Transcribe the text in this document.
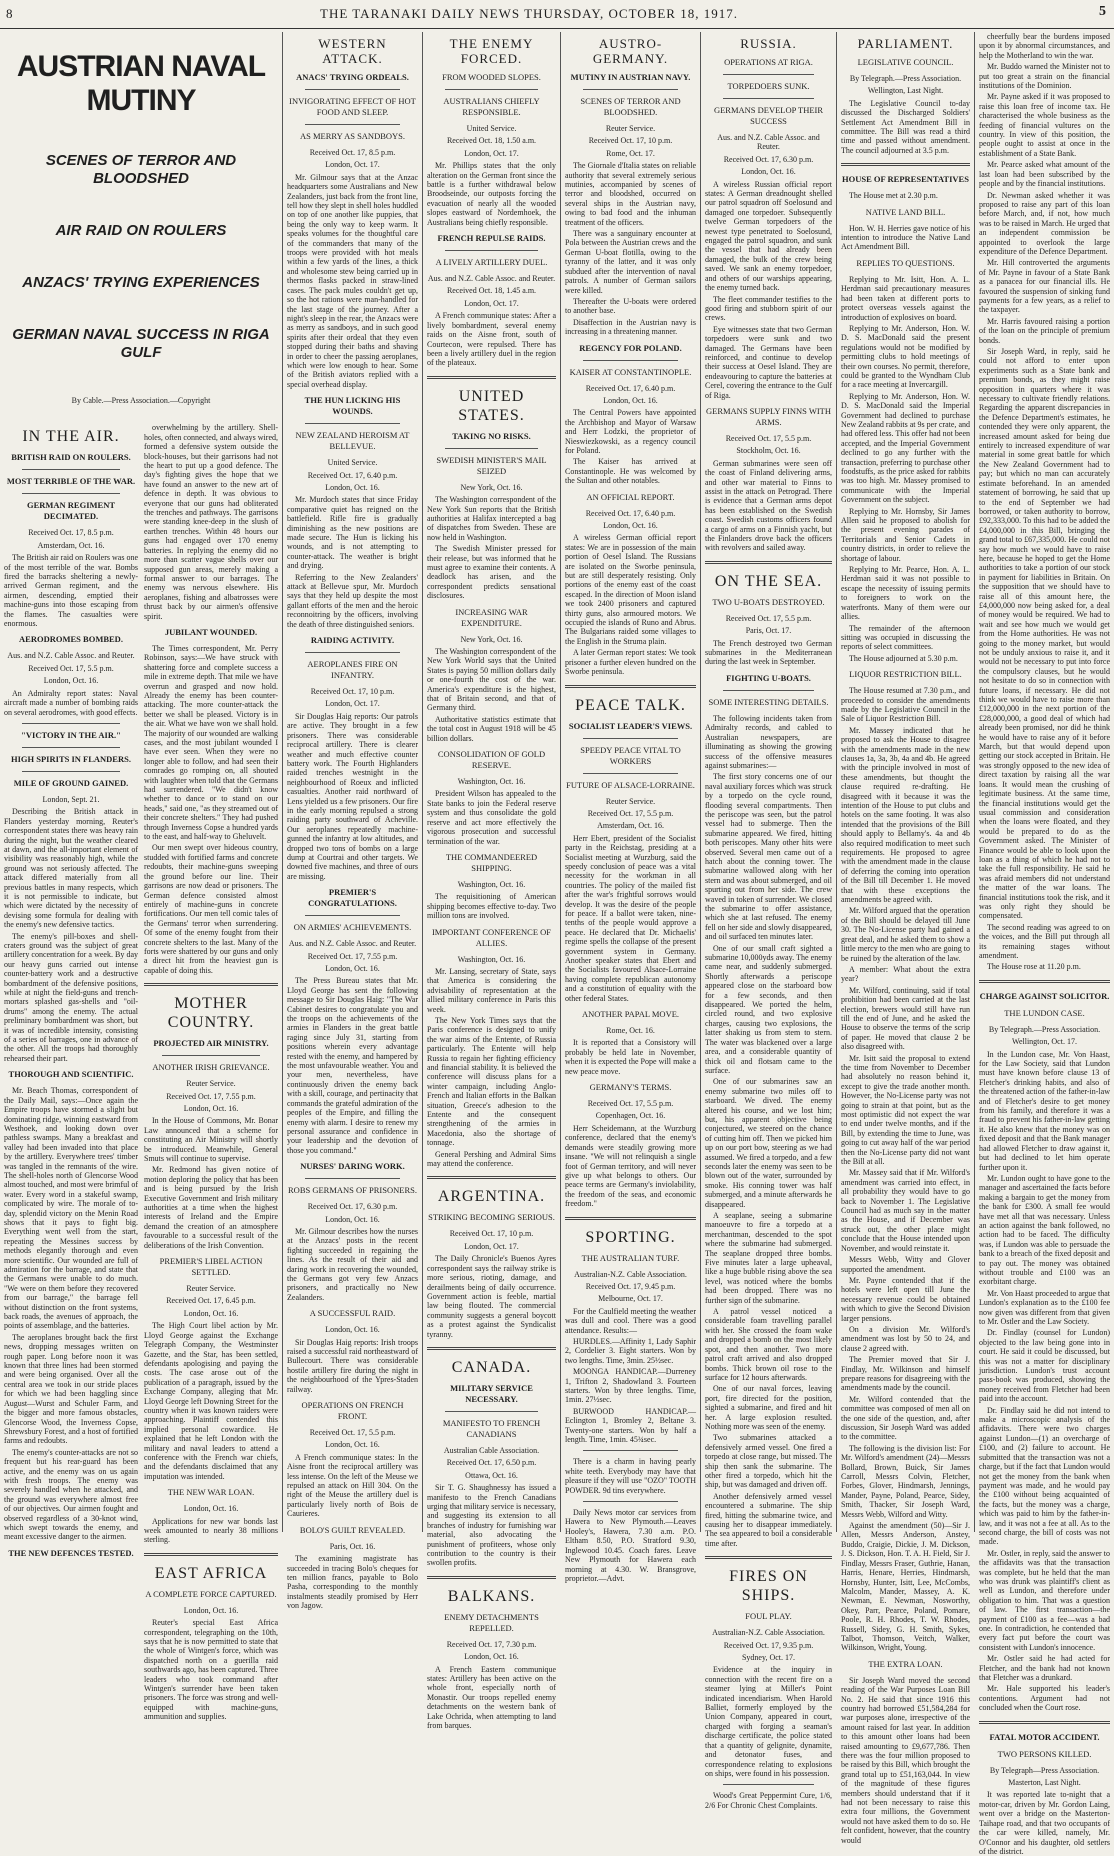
8	THE TARANAKI DAILY NEWS THURSDAY, OCTOBER 18, 1917.	5
AUSTRIAN NAVAL MUTINY
SCENES OF TERROR AND BLOODSHED
AIR RAID ON ROULERS
ANZACS' TRYING EXPERIENCES
GERMAN NAVAL SUCCESS IN RIGA GULF
By Cable.—Press Association.—Copyright
IN THE AIR.
BRITISH RAID ON ROULERS.
MOST TERRIBLE OF THE WAR.
GERMAN REGIMENT DECIMATED.
Received Oct. 17, 8.5 p.m.
Amsterdam, Oct. 16.

The British air raid on Roulers was one of the most terrible of the war. Bombs fired the barracks sheltering a newly-arrived German regiment, and the airmen, descending, emptied their machine-guns into those escaping from the flames. The casualties were enormous.

AERODROMES BOMBED.
Aus. and N.Z. Cable Assoc. and Reuter.
Received Oct. 17, 5.5 p.m.
London, Oct. 16.

An Admiralty report states: Naval aircraft made a number of bombing raids on several aerodromes, with good effects.

"VICTORY IN THE AIR."
HIGH SPIRITS IN FLANDERS.
MILE OF GROUND GAINED.
London, Sept. 21.

Describing the British attack in Flanders yesterday morning, Reuter's correspondent states there was heavy rain during the night, but the weather cleared at dawn, and the all-important element of visibility was reasonably high, while the ground was not seriously affected. The attack differed materially from all previous battles in many respects, which it is not permissible to indicate, but which were dictated by the necessity of devising some formula for dealing with the enemy's new defensive tactics.

The enemy's pill-boxes and shell-craters ground was the subject of great artillery concentration for a week. By day our heavy guns carried out intense counter-battery work and a destructive bombardment of the defensive positions, while at night the field-guns and trench-mortars splashed gas-shells and "oil-drums" among the enemy. The actual preliminary bombardment was short, but it was of incredible intensity, consisting of a series of barrages, one in advance of the other. All the troops had thoroughly rehearsed their part.

THOROUGH AND SCIENTIFIC.

Mr. Beach Thomas, correspondent of the Daily Mail, says:—Once again the Empire troops have stormed a slight but dominating ridge, winning eastward from Westhoek, and looking down over pathless swamps. Many a breakfast and valley had been invaded into that place by the artillery. Everywhere trees' timber was tangled in the remnants of the wire. The shell-holes north of Glencorse Wood almost touched, and most were brimful of water. Every word in a stakeful swamp, complicated by wire. The morale of to-day, splendid victory on the Menin Road shows that it pays to fight big. Everything went well from the start, repeating the Messines success by methods elegantly thorough and even more scientific. Our wounded are full of admiration for the barrage, and state that the Germans were unable to do much. "We were on them before they recovered from our barrage," the barrage fell without distinction on the front systems, back roads, the avenues of approach, the points of assemblage, and the batteries.

The aeroplanes brought back the first news, dropping messages written on rough paper. Long before noon it was known that three lines had been stormed and were being organised. Over all the central area we took in our stride places for which we had been haggling since August—Wurst and Schuler Farm, and the bigger and more famous obstacles, Glencorse Wood, the Inverness Copse, Shrewsbury Forest, and a host of fortified farms and redoubts.

The enemy's counter-attacks are not so frequent but his rear-guard has been active, and the enemy was on us again with fresh troops. The enemy was severely handled when he attacked, and the ground was everywhere almost free of our objectives. Our airmen fought and observed regardless of a 30-knot wind, which swept towards the enemy, and meant excessive danger to the airmen.

THE NEW DEFENCES TESTED.

overwhelming by the artillery. Shell-holes, often connected, and always wired, formed a defensive system outside the block-houses, but their garrisons had not the heart to put up a good defence. The day's fighting gives the hope that we have found an answer to the new art of defence in depth. It was obvious to everyone that our guns had obliterated the trenches and pathways. The garrisons were standing knee-deep in the slush of earthen trenches. Within 48 hours our guns had engaged over 170 enemy batteries. In replying the enemy did no more than scatter vague shells over our supposed gun areas, merely making a formal answer to our barrages. The enemy was nervous elsewhere. His aeroplanes, fishing and albatrosses were thrust back by our airmen's offensive spirit.

JUBILANT WOUNDED.

The Times correspondent, Mr. Perry Robinson, says:—We have struck with shattering force and complete success a mile in extreme depth. That mile we have overrun and grasped and now hold. Already the enemy has been counter-attacking. The more counter-attack the better we shall be pleased. Victory is in the air. What we have won we shall hold. The majority of our wounded are walking cases, and the most jubilant wounded I have ever seen. When they were no longer able to follow, and had seen their comrades go romping on, all shouted with laughter when told that the Germans had surrendered. "We didn't know whether to dance or to stand on our heads," said one, "as they streamed out of their concrete shelters." They had pushed through Inverness Copse a hundred yards to the east, and half-way to Gheluvelt.

Our men swept over hideous country, studded with fortified farms and concrete redoubts, their machine-guns sweeping the ground before our line. Their garrisons are now dead or prisoners. The German defence consisted almost entirely of machine-guns in concrete fortifications. Our men tell comic tales of the Germans' terror when surrendering. Of some of the enemy fought from their concrete shelters to the last. Many of the forts were shattered by our guns and only a direct hit from the heaviest gun is capable of doing this.

MOTHER COUNTRY.
PROJECTED AIR MINISTRY.
ANOTHER IRISH GRIEVANCE.
Reuter Service.
Received Oct. 17, 7.55 p.m.
London, Oct. 16.

In the House of Commons, Mr. Bonar Law announced that a scheme for constituting an Air Ministry will shortly be introduced. Meanwhile, General Smuts will continue to supervise.

Mr. Redmond has given notice of motion deploring the policy that has been and is being pursued by the Irish Executive Government and Irish military authorities at a time when the highest interests of Ireland and the Empire demand the creation of an atmosphere favourable to a successful result of the deliberations of the Irish Convention.

PREMIER'S LIBEL ACTION SETTLED.
Reuter Service.
Received Oct. 17, 6.45 p.m.
London, Oct. 16.

The High Court libel action by Mr. Lloyd George against the Exchange Telegraph Company, the Westminster Gazette, and the Star, has been settled, defendants apologising and paying the costs. The case arose out of the publication of a paragraph, issued by the Exchange Company, alleging that Mr. Lloyd George left Downing Street for the country when it was known raiders were approaching. Plaintiff contended this implied personal cowardice. He explained that he left London with the military and naval leaders to attend a conference with the French war chiefs, and the defendants disclaimed that any imputation was intended.

THE NEW WAR LOAN.
London, Oct. 16.

Applications for new war bonds last week amounted to nearly 38 millions sterling.

EAST AFRICA
A COMPLETE FORCE CAPTURED.
London, Oct. 16.

Reuter's special East Africa correspondent, telegraphing on the 10th, says that he is now permitted to state that the whole of Wintgen's force, which was dispatched north on a guerilla raid southwards ago, has been captured. Three leaders who took command after Wintgen's surrender have been taken prisoners. The force was strong and well-equipped with machine-guns, ammunition and supplies.

WESTERN ATTACK.
ANACS' TRYING ORDEALS.
INVIGORATING EFFECT OF HOT FOOD AND SLEEP.
AS MERRY AS SANDBOYS.
Received Oct. 17, 8.5 p.m.
London, Oct. 17.

Mr. Gilmour says that at the Anzac headquarters some Australians and New Zealanders, just back from the front line, tell how they slept in shell holes huddled on top of one another like puppies, that being the only way to keep warm. It speaks volumes for the thoughtful care of the commanders that many of the troops were provided with hot meals within a few yards of the lines, a thick and wholesome stew being carried up in thermos flasks packed in straw-lined cases. The pack mules couldn't get up, so the hot rations were man-handled for the last stage of the journey. After a night's sleep in the rear, the Anzacs were as merry as sandboys, and in such good spirits after their ordeal that they even stopped during their baths and shaving in order to cheer the passing aeroplanes, which were low enough to hear. Some of the British aviators replied with a special overhead display.

THE HUN LICKING HIS WOUNDS.
NEW ZEALAND HEROISM AT BELLEVUE.
United Service.
Received Oct. 17, 6.40 p.m.
London, Oct. 16.

Mr. Murdoch states that since Friday comparative quiet has reigned on the battlefield. Rifle fire is gradually diminishing as the new positions are made secure. The Hun is licking his wounds, and is not attempting to counter-attack. The weather is bright and drying.

Referring to the New Zealanders' attack at Bellevue spur, Mr. Murdoch says that they held up despite the most gallant efforts of the men and the heroic reconnoitring by the officers, involving the death of three distinguished seniors.

RAIDING ACTIVITY.
AEROPLANES FIRE ON INFANTRY.
Received Oct. 17, 10 p.m.
London, Oct. 17.

Sir Douglas Haig reports: Our patrols are active. They brought in a few prisoners. There was considerable reciprocal artillery. There is clearer weather and much effective counter battery work. The Fourth Highlanders raided trenches westnight in the neighbourhood of Roeux and inflicted casualties. Another raid northward of Lens yielded us a few prisoners. Our fire in the early morning repulsed a strong raiding party southward of Acheville. Our aeroplanes repeatedly machine-gunned the infantry at low altitudes, and dropped two tons of bombs on a large dump at Courtrai and other targets. We downed five machines, and three of ours are missing.

PREMIER'S CONGRATULATIONS.
ON ARMIES' ACHIEVEMENTS.
Aus. and N.Z. Cable Assoc. and Reuter.
Received Oct. 17, 7.55 p.m.
London, Oct. 16.

The Press Bureau states that Mr. Lloyd George has sent the following message to Sir Douglas Haig: "The War Cabinet desires to congratulate you and the troops on the achievements of the armies in Flanders in the great battle raging since July 31, starting from positions wherein every advantage rested with the enemy, and hampered by the most unfavourable weather. You and your men, nevertheless, have continuously driven the enemy back with a skill, courage, and pertinacity that commands the grateful admiration of the peoples of the Empire, and filling the enemy with alarm. I desire to renew my personal assurance and confidence in your leadership and the devotion of those you command."

NURSES' DARING WORK.
ROBS GERMANS OF PRISONERS.
Received Oct. 17, 6.30 p.m.
London, Oct. 16.

Mr. Gilmour describes how the nurses at the Anzacs' posts in the recent fighting succeeded in regaining the lines. As the result of their aid and daring work in recovering the wounded, the Germans got very few Anzacs prisoners, and practically no New Zealanders.

A SUCCESSFUL RAID.
London, Oct. 16.

Sir Douglas Haig reports: Irish troops raised a successful raid northeastward of Bullecourt. There was considerable hostile artillery fire during the night in the neighbourhood of the Ypres-Staden railway.

OPERATIONS ON FRENCH FRONT.
Received Oct. 17, 5.5 p.m.
London, Oct. 16.

A French communique states: In the Aisne front the reciprocal artillery was less intense. On the left of the Meuse we repulsed an attack on Hill 304. On the right of the Meuse the artillery duel is particularly lively north of Bois de Caurieres.

BOLO'S GUILT REVEALED.
Paris, Oct. 16.

The examining magistrate has succeeded in tracing Bolo's cheques for ten million francs, payable to Bolo Pasha, corresponding to the monthly instalments steadily promised by Herr von Jagow.

THE ENEMY FORCED.
FROM WOODED SLOPES.
AUSTRALIANS CHIEFLY RESPONSIBLE.
United Service.
Received Oct. 18, 1.50 a.m.
London, Oct. 17.

Mr. Phillips states that the only alteration on the German front since the battle is a further withdrawal below Broodseinde, our outposts forcing the evacuation of nearly all the wooded slopes eastward of Nordemhoek, the Australians being chiefly responsible.

FRENCH REPULSE RAIDS.
A LIVELY ARTILLERY DUEL.
Aus. and N.Z. Cable Assoc. and Reuter.
Received Oct. 18, 1.45 a.m.
London, Oct. 17.

A French communique states: After a lively bombardment, several enemy raids on the Aisne front, south of Courtecon, were repulsed. There has been a lively artillery duel in the region of the plateaux.

UNITED STATES.
TAKING NO RISKS.
SWEDISH MINISTER'S MAIL SEIZED
New York, Oct. 16.

The Washington correspondent of the New York Sun reports that the British authorities at Halifax intercepted a bag of dispatches from Sweden. These are now held in Washington.

The Swedish Minister pressed for their release, but was informed that he must agree to examine their contents. A deadlock has arisen, and the correspondent predicts sensational disclosures.

INCREASING WAR EXPENDITURE.
New York, Oct. 16.

The Washington correspondent of the New York World says that the United States is paying 50 million dollars daily or one-fourth the cost of the war. America's expenditure is the highest, that of Britain second, and that of Germany third.

Authoritative statistics estimate that the total cost in August 1918 will be 45 billion dollars.

CONSOLIDATION OF GOLD RESERVE.
Washington, Oct. 16.

President Wilson has appealed to the State banks to join the Federal reserve system and thus consolidate the gold reserve and act more effectively the vigorous prosecution and successful termination of the war.

THE COMMANDEERED SHIPPING.
Washington, Oct. 16.

The requisitioning of American shipping becomes effective to-day. Two million tons are involved.

IMPORTANT CONFERENCE OF ALLIES.
Washington, Oct. 16.

Mr. Lansing, secretary of State, says that America is considering the advisability of representation at the allied military conference in Paris this week.

The New York Times says that the Paris conference is designed to unify the war aims of the Entente, of Russia particularly. The Entente will help Russia to regain her fighting efficiency and financial stability. It is believed the conference will discuss plans for a winter campaign, including Anglo-French and Italian efforts in the Balkan situation, Greece's adhesion to the Entente and the consequent strengthening of the armies in Macedonia, also the shortage of tonnage.

General Pershing and Admiral Sims may attend the conference.

ARGENTINA.
STRIKING BECOMING SERIOUS.
Received Oct. 17, 10 p.m.
London, Oct. 17.

The Daily Chronicle's Buenos Ayres correspondent says the railway strike is more serious, rioting, damage, and derailments being of daily occurrence. Government action is feeble, martial law being flouted. The commercial community suggests a general boycott as a protest against the Syndicalist tyranny.

CANADA.
MILITARY SERVICE NECESSARY.
MANIFESTO TO FRENCH CANADIANS
Australian Cable Association.
Received Oct. 17, 6.50 p.m.
Ottawa, Oct. 16.

Sir T. G. Shaughnessy has issued a manifesto to the French Canadians urging that military service is necessary, and suggesting its extension to all branches of industry for furnishing war material, also advocating the punishment of profiteers, whose only contribution to the country is their swollen profits.

BALKANS.
ENEMY DETACHMENTS REPELLED.
Received Oct. 17, 7.30 p.m.
London, Oct. 16.

A French Eastern communique states: Artillery has been active on the whole front, especially north of Monastir. Our troops repelled enemy detachments on the western bank of Lake Ochrida, when attempting to land from barques.

AUSTRO-GERMANY.
MUTINY IN AUSTRIAN NAVY.
SCENES OF TERROR AND BLOODSHED.
Reuter Service.
Received Oct. 17, 10 p.m.
Rome, Oct. 17.

The Giornale d'Italia states on reliable authority that several extremely serious mutinies, accompanied by scenes of terror and bloodshed, occurred on several ships in the Austrian navy, owing to bad food and the inhuman treatment of the officers.

There was a sanguinary encounter at Pola between the Austrian crews and the German U-boat flotilla, owing to the tyranny of the latter, and it was only subdued after the intervention of naval patrols. A number of German sailors were killed.

Thereafter the U-boats were ordered to another base.

Disaffection in the Austrian navy is increasing in a threatening manner.

REGENCY FOR POLAND.
KAISER AT CONSTANTINOPLE.
Received Oct. 17, 6.40 p.m.
London, Oct. 16.

The Central Powers have appointed the Archbishop and Mayor of Warsaw and Herr Lodzki, the proprietor of Nieswiezkowski, as a regency council for Poland.

The Kaiser has arrived at Constantinople. He was welcomed by the Sultan and other notables.

AN OFFICIAL REPORT.
Received Oct. 17, 6.40 p.m.
London, Oct. 16.

A wireless German official report states: We are in possession of the main portion of Oesel Island. The Russians are isolated on the Sworbe peninsula, but are still desperately resisting. Only portions of the enemy east of the coast escaped. In the direction of Moon island we took 2400 prisoners and captured thirty guns, also armoured motors. We occupied the islands of Runo and Abrus. The Bulgarians raided some villages to the English in the Struma plain.

A later German report states: We took prisoner a further eleven hundred on the Sworbe peninsula.

PEACE TALK.
SOCIALIST LEADER'S VIEWS.
SPEEDY PEACE VITAL TO WORKERS
FUTURE OF ALSACE-LORRAINE.
Reuter Service.
Received Oct. 17, 5.5 p.m.
Amsterdam, Oct. 16.

Herr Ebert, president of the Socialist party in the Reichstag, presiding at a Socialist meeting at Wurzburg, said the speedy conclusion of peace was a vital necessity for the workman in all countries. The policy of the mailed fist after the war's frightful sorrows would develop. It was the desire of the people for peace. If a ballot were taken, nine-tenths of the people would approve a peace. He declared that Dr. Michaelis' regime spells the collapse of the present government system in Germany. Another speaker states that Ebert and the Socialists favoured Alsace-Lorraine having complete republican autonomy and a constitution of equality with the other federal States.

ANOTHER PAPAL MOVE.
Rome, Oct. 16.

It is reported that a Consistory will probably be held late in November, when it is expected the Pope will make a new peace move.

GERMANY'S TERMS.
Received Oct. 17, 5.5 p.m.
Copenhagen, Oct. 16.

Herr Scheidemann, at the Wurzburg conference, declared that the enemy's demands were steadily growing more insane. "We will not relinquish a single foot of German territory, and will never give up what belongs to others. Our peace terms are Germany's inviolability, the freedom of the seas, and economic freedom."

SPORTING.
THE AUSTRALIAN TURF.
Australian-N.Z. Cable Association.
Received Oct. 17, 9.45 p.m.
Melbourne, Oct. 17.

For the Caulfield meeting the weather was dull and cool. There was a good attendance. Results:—

HURDLES.—Affinity 1, Lady Saphir 2, Cordelier 3. Eight starters. Won by two lengths. Time, 3min. 25½sec.

MOONGA HANDICAP.—Durreney 1, Trifton 2, Shadowland 3. Fourteen starters. Won by three lengths. Time, 1min. 27½sec.

BURWOOD HANDICAP.—Eclington 1, Bromley 2, Beltane 3. Twenty-one starters. Won by half a length. Time, 1min. 45¾sec.

There is a charm in having pearly white teeth. Everybody may have that pleasure if they will use "OZO" TOOTH POWDER. 9d tins everywhere.

Daily News motor car services from Hawera to New Plymouth.—Leaves Hooley's, Hawera, 7.30 a.m. P.O. Eltham 8.50, P.O. Stratford 9.30, Inglewood 10.45. Coach fares. Leave New Plymouth for Hawera each morning at 4.30. W. Bransgrove, proprietor.—Advt.

RUSSIA.
OPERATIONS AT RIGA.
TORPEDOERS SUNK.
GERMANS DEVELOP THEIR SUCCESS
Aus. and N.Z. Cable Assoc. and Reuter.
Received Oct. 17, 6.30 p.m.
London, Oct. 16.

A wireless Russian official report states: A German dreadnought shelled our patrol squadron off Soelosund and damaged one torpedoer. Subsequently twelve German torpedoers of the newest type penetrated to Soelosund, engaged the patrol squadron, and sunk the vessel that had already been damaged, the bulk of the crew being saved. We sank an enemy torpedoer, and others of our warships appearing, the enemy turned back.

The fleet commander testifies to the good firing and stubborn spirit of our crews.

Eye witnesses state that two German torpedoers were sunk and two damaged. The Germans have been reinforced, and continue to develop their success at Oesel Island. They are endeavouring to capture the batteries at Cerel, covering the entrance to the Gulf of Riga.

GERMANS SUPPLY FINNS WITH ARMS.
Received Oct. 17, 5.5 p.m.
Stockholm, Oct. 16.

German submarines were seen off the coast of Finland delivering arms, and other war material to Finns to assist in the attack on Petrograd. There is evidence that a German arms depot has been established on the Swedish coast. Swedish customs officers found a cargo of arms on a Finnish yacht, but the Finlanders drove back the officers with revolvers and sailed away.

ON THE SEA.
TWO U-BOATS DESTROYED.
Received Oct. 17, 5.5 p.m.
Paris, Oct. 17.

The French destroyed two German submarines in the Mediterranean during the last week in September.

FIGHTING U-BOATS.
SOME INTERESTING DETAILS.

The following incidents taken from Admiralty records, and cabled to Australian newspapers, are illuminating as showing the growing success of the offensive measures against submarines:—

The first story concerns one of our naval auxiliary forces which was struck by a torpedo on the cycle round, flooding several compartments. Then the periscope was seen, but the patrol vessel had to submerge. Then the submarine appeared. We fired, hitting both periscopes. Many other hits were observed. Several men came out of a hatch about the conning tower. The submarine wallowed along with her stern and was about submerged, and oil spurting out from her side. The crew waved in token of surrender. We closed the submarine to offer assistance, which she at last refused. The enemy fell on her side and slowly disappeared, and oil surfaced ten minutes later.

One of our small craft sighted a submarine 10,000yds away. The enemy came near, and suddenly submerged. Shortly afterwards a periscope appeared close on the starboard bow for a few seconds, and then disappeared. We ported the helm, circled round, and two explosive charges, causing two explosions, the latter shaking us from stem to stern. The water was blackened over a large area, and a considerable quantity of thick oil and flotsam came to the surface.

One of our submarines saw an enemy submarine two miles off to starboard. We dived. The enemy altered his course, and we lost him; but, his apparent objective being conjectured, we steered on the chance of cutting him off. Then we picked him up on our port bow, steering as we had assumed. We fired a torpedo, and a few seconds later the enemy was seen to be blown out of the water, surrounded by smoke. His conning tower was half submerged, and a minute afterwards he disappeared.

A seaplane, seeing a submarine manoeuvre to fire a torpedo at a merchantman, descended to the spot where the submarine had submerged. The seaplane dropped three bombs. Five minutes later a large upheaval, like a huge bubble rising above the sea level, was noticed where the bombs had been dropped. There was no further sign of the submarine.

A patrol vessel noticed a considerable foam travelling parallel with her. She crossed the foam wake and dropped a bomb on the most likely spot, and then another. Two more patrol craft arrived and also dropped bombs. Thick brown oil rose to the surface for 12 hours afterwards.

One of our naval forces, leaving port, fire directed for the position, sighted a submarine, and fired and hit her. A large explosion resulted. Nothing more was seen of the enemy.

Two submarines attacked a defensively armed vessel. One fired a torpedo at close range, but missed. The ship then sank the submarine. The other fired a torpedo, which hit the ship, but was damaged and driven off.

Another defensively armed vessel encountered a submarine. The ship fired, hitting the submarine twice, and causing her to disappear immediately. The sea appeared to boil a considerable time after.

FIRES ON SHIPS.
FOUL PLAY.
Australian-N.Z. Cable Association.
Received Oct. 17, 9.35 p.m.
Sydney, Oct. 17.

Evidence at the inquiry in connection with the recent fire on a steamer lying at Miller's Point indicated incendiarism. When Harold Balliet, formerly employed by the Union Company, appeared in court, charged with forging a seaman's discharge certificate, the police stated that a quantity of gelignite, dynamite, and detonator fuses, and correspondence relating to explosions on ships, were found in his possession.

Wood's Great Peppermint Cure, 1/6, 2/6 For Chronic Chest Complaints.

PARLIAMENT.
LEGISLATIVE COUNCIL.
By Telegraph.—Press Association.
Wellington, Last Night.

The Legislative Council to-day discussed the Discharged Soldiers' Settlement Act Amendment Bill in committee. The Bill was read a third time and passed without amendment. The council adjourned at 3.5 p.m.

HOUSE OF REPRESENTATIVES

The House met at 2.30 p.m.

NATIVE LAND BILL.

Hon. W. H. Herries gave notice of his intention to introduce the Native Land Act Amendment Bill.

REPLIES TO QUESTIONS.

Replying to Mr. Isitt, Hon. A. L. Herdman said precautionary measures had been taken at different ports to protect overseas vessels against the introduction of explosives on board.

Replying to Mr. Anderson, Hon. W. D. S. MacDonald said the present regulations would not be modified by permitting clubs to hold meetings of their own courses. No permit, therefore, could be granted to the Wyndham Club for a race meeting at Invercargill.

Replying to Mr. Anderson, Hon. W. D. S. MacDonald said the Imperial Government had declined to purchase New Zealand rabbits at 9s per crate, and had offered less. This offer had not been accepted, and the Imperial Government declined to go any further with the transaction, preferring to purchase other foodstuffs, as the price asked for rabbits was too high. Mr. Massey promised to communicate with the Imperial Government on the subject.

Replying to Mr. Hornsby, Sir James Allen said he proposed to abolish for the present evening parades of Territorials and Senior Cadets in country districts, in order to relieve the shortage of labour.

Replying to Mr. Pearce, Hon. A. L. Herdman said it was not possible to escape the necessity of issuing permits to foreigners to work on the waterfronts. Many of them were our allies.

The remainder of the afternoon sitting was occupied in discussing the reports of select committees.

The House adjourned at 5.30 p.m.

LIQUOR RESTRICTION BILL.

The House resumed at 7.30 p.m., and proceeded to consider the amendments made by the Legislative Council in the Sale of Liquor Restriction Bill.

Mr. Massey indicated that he proposed to ask the House to disagree with the amendments made in the new clauses 1a, 3a, 3b, 4a and 4b. He agreed with the principle involved in most of these amendments, but thought the clause required re-drafting. He disagreed with it because it was the intention of the House to put clubs and hotels on the same footing. It was also intended that the provisions of the Bill should apply to Bellamy's. 4a and 4b also required modification to meet such requirements. He proposed to agree with the amendment made in the clause of deferring the coming into operation of the Bill till December 1. He moved that with these exceptions the amendments be agreed with.

Mr. Wilford argued that the operation of the Bill should be delayed till June 30. The No-License party had gained a great deal, and he asked them to show a little mercy to the men who are going to be ruined by the alteration of the law.

A member: What about the extra year?

Mr. Wilford, continuing, said if total prohibition had been carried at the last election, brewers would still have run till the end of June, and he asked the House to observe the terms of the scrip of paper. He moved that clause 2 be also disagreed with.

Mr. Isitt said the proposal to extend the time from November to December had absolutely no reason behind it, except to give the trade another month. However, the No-License party was not going to strain at that point, but as the most optimistic did not expect the war to end under twelve months, and if the Bill, by extending the time to June, was going to cut away half of the war period then the No-License party did not want the Bill at all.

Mr. Massey said that if Mr. Wilford's amendment was carried into effect, in all probability they would have to go back to November 1. The Legislative Council had as much say in the matter as the House, and if December was struck out, the other place might conclude that the House intended upon November, and would reinstate it.

Messrs Webb, Witty and Glover supported the amendment.

Mr. Payne contended that if the hotels were left open till June the necessary revenue could be obtained with which to give the Second Division larger pensions.

On a division Mr. Wilford's amendment was lost by 50 to 24, and clause 2 agreed with.

The Premier moved that Sir J. Findlay, Mr. Wilkinson and himself prepare reasons for disagreeing with the amendments made by the council.

Mr. Wilford contended that the committee was composed of men all on the one side of the question, and, after discussion, Sir Joseph Ward was added to the committee.

The following is the division list: For Mr. Wilford's amendment (24)—Messrs Bollard, Brown, Buick, Sir James Carroll, Messrs Colvin, Fletcher, Forbes, Glover, Hindmarsh, Jennings, Mander, Payne, Poland, Pearce, Sidey, Smith, Thacker, Sir Joseph Ward, Messrs Webb, Wilford and Witty.

Against the amendment (50)—Sir J. Allen, Messrs Anderson, Anstey, Buddo, Craigie, Dickie, J. M. Dickson, J. S. Dickson, Hon. T. A. H. Field, Sir J. Findlay, Messrs Fraser, Guthrie, Hanan, Harris, Henare, Herries, Hindmarsh, Hornsby, Hunter, Isitt, Lee, McCombs, Malcolm, Mander, Massey, A. K. Newman, E. Newman, Nosworthy, Okey, Parr, Pearce, Poland, Pomare, Poole, R. H. Rhodes, T. W. Rhodes, Russell, Sidey, G. H. Smith, Sykes, Talbot, Thomson, Veitch, Walker, Wilkinson, Wright, Young.

THE EXTRA LOAN.

Sir Joseph Ward moved the second reading of the War Purposes Loan Bill No. 2. He said that since 1916 this country had borrowed £51,584,284 for war purposes alone, irrespective of the amount raised for last year. In addition to this amount other loans had been raised amounting to £9,677,786. Then there was the four million proposed to be raised by this Bill, which brought the grand total up to £51,163,044. In view of the magnitude of these figures members should understand that if it had not been necessary to raise this extra four millions, the Government would not have asked them to do so. He felt confident, however, that the country would

cheerfully bear the burdens imposed upon it by abnormal circumstances, and help the Motherland to win the war.

Mr. Buddo warned the Minister not to put too great a strain on the financial institutions of the Dominion.

Mr. Payne asked if it was proposed to raise this loan free of income tax. He characterised the whole business as the feeding of financial vultures on the country. In view of this position, the people ought to assist at once in the establishment of a State Bank.

Mr. Pearce asked what amount of the last loan had been subscribed by the people and by the financial institutions.

Dr. Newman asked whether it was proposed to raise any part of this loan before March, and, if not, how much was to be raised in March. He urged that an independent commission be appointed to overlook the large expenditure of the Defence Department.

Mr. Hill controverted the arguments of Mr. Payne in favour of a State Bank as a panacea for our financial ills. He favoured the suspension of sinking fund payments for a few years, as a relief to the taxpayer.

Mr. Harris favoured raising a portion of the loan on the principle of premium bonds.

Sir Joseph Ward, in reply, said he could not afford to enter upon experiments such as a State bank and premium bonds, as they might raise opposition in quarters where it was necessary to cultivate friendly relations. Regarding the apparent discrepancies in the Defence Department's estimates, he contended they were only apparent, the increased amount asked for being due entirely to increased expenditure of war material in some great battle for which the New Zealand Government had to pay; but which no man can accurately estimate beforehand. In an amended statement of borrowing, he said that up to the end of September we had borrowed, or taken authority to borrow, £92,333,000. To this had to be added the £4,000,000 in this Bill, bringing the grand total to £67,335,000. He could not say how much we would have to raise here, because he hoped to get the Home authorities to take a portion of our stock in payment for liabilities in Britain. On the supposition that we should have to raise all of this amount here, the £4,000,000 now being asked for, a deal of money would be required. We had to wait and see how much we would get from the Home authorities. He was not going to the money market, but would not be unduly anxious to raise it, and it would not be necessary to put into force the compulsory clauses, but he would not hesitate to do so in connection with future loans, if necessary. He did not think we would have to raise more than £12,000,000 in the next portion of the £28,000,000, a good deal of which had already been promised, nor did he think he would have to raise any of it before March, but that would depend upon getting our stock accepted in Britain. He was strongly opposed to the new idea of direct taxation by raising all the war loans. It would mean the crushing of legitimate business. At the same time, the financial institutions would get the usual commission and consideration when the loans were floated, and they would be prepared to do as the Government asked. The Minister of Finance would be able to look upon the loan as a thing of which he had not to take the full responsibility. He said he was afraid members did not understand the matter of the war loans. The financial institutions took the risk, and it was only right they should be compensated.

The second reading was agreed to on the voices, and the Bill put through all its remaining stages without amendment.

The House rose at 11.20 p.m.

CHARGE AGAINST SOLICITOR.
THE LUNDON CASE.
By Telegraph.—Press Association.
Wellington, Oct. 17.

In the Lundon case, Mr. Von Haast, for the Law Society, said that Lundon must have known before clause 13 of Fletcher's drinking habits, and also of the threatened action of the father-in-law and of Fletcher's desire to get money from his family, and therefore it was a fraud to prevent his father-in-law getting it. He also knew that the money was on fixed deposit and that the Bank manager had allowed Fletcher to draw against it, but had declined to let him operate further upon it.

Mr. Lundon ought to have gone to the manager and ascertained the facts before making a bargain to get the money from the bank for £300. A small fee would have met all that was necessary. Unless an action against the bank followed, no action had to be faced. The difficulty was, if Lundon was able to persuade the bank to a breach of the fixed deposit and to pay out. The money was obtained without trouble and £100 was an exorbitant charge.

Mr. Von Haast proceeded to argue that Lundon's explanation as to the £100 fee now given was different from that given to Mr. Ostler and the Law Society.

Dr. Findlay (counsel for Lundon) objected to the law being gone into in court. He said it could be discussed, but this was not a matter for disciplinary jurisdiction. Lundon's trust account pass-book was produced, showing the money received from Fletcher had been paid into the account.

Dr. Findlay said he did not intend to make a microscopic analysis of the affidavits. There were two charges against Lundon—(1) an overcharge of £100, and (2) failure to account. He submitted that the transaction was not a charge, but if the fact that Lundon would not get the money from the bank when payment was made, and he would pay the £100 without being acquainted of the facts, but the money was a charge, which was paid to him by the father-in-law, and it was not a fee at all. As to the second charge, the bill of costs was not made.

Mr. Ostler, in reply, said the answer to the affidavits was that the transaction was complete, but he held that the man who was drunk was plaintiff's client as well as Lundon, and therefore under obligation to him. That was a question of law. The first transaction—the payment of £100 as a fee—was a bad one. In contradiction, he contended that every fact put before the court was consistent with Lundon's innocence.

Mr. Ostler said he had acted for Fletcher, and the bank had not known that Fletcher was a drunkard.

Mr. Hale supported his leader's contentions. Argument had not concluded when the Court rose.

FATAL MOTOR ACCIDENT.
TWO PERSONS KILLED.
By Telegraph—Press Association.
Masterton, Last Night.

It was reported late to-night that a motor-car, driven by Mr. Gordon Laing, went over a bridge on the Masterton-Taihape road, and that two occupants of the car were killed, namely, Mr. O'Connor and his daughter, old settlers of the district.
